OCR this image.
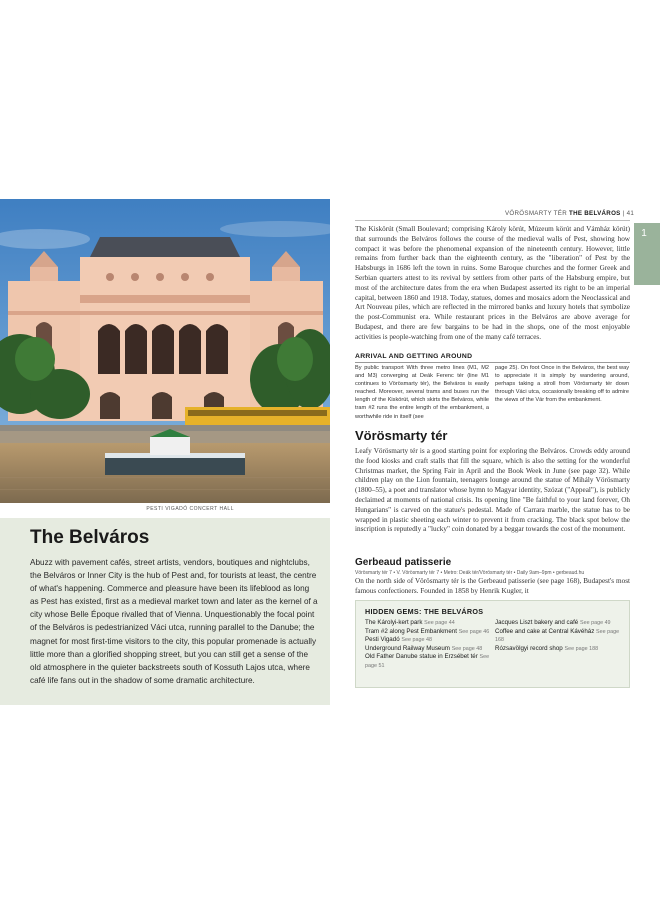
PESTI VIGADÓ CONCERT HALL
The Belváros

Abuzz with pavement cafés, street artists, vendors, boutiques and nightclubs, the Belváros or Inner City is the hub of Pest and, for tourists at least, the centre of what's happening. Commerce and pleasure have been its lifeblood as long as Pest has existed, first as a medieval market town and later as the kernel of a city whose Belle Époque rivalled that of Vienna. Unquestionably the focal point of the Belváros is pedestrianized Váci utca, running parallel to the Danube; the magnet for most first-time visitors to the city, this popular promenade is actually little more than a glorified shopping street, but you can still get a sense of the old atmosphere in the quieter backstreets south of Kossuth Lajos utca, where café life fans out in the shadow of some dramatic architecture.

VÖRÖSMARTY TÉR THE BELVÁROS | 41
1

The Kiskörút (Small Boulevard; comprising Károly körút, Múzeum körút and Vámház körút) that surrounds the Belváros follows the course of the medieval walls of Pest, showing how compact it was before the phenomenal expansion of the nineteenth century. However, little remains from further back than the eighteenth century, as the "liberation" of Pest by the Habsburgs in 1686 left the town in ruins. Some Baroque churches and the former Greek and Serbian quarters attest to its revival by settlers from other parts of the Habsburg empire, but most of the architecture dates from the era when Budapest asserted its right to be an imperial capital, between 1860 and 1918. Today, statues, domes and mosaics adorn the Neoclassical and Art Nouveau piles, which are reflected in the mirrored banks and luxury hotels that symbolize the post-Communist era. While restaurant prices in the Belváros are above average for Budapest, and there are few bargains to be had in the shops, one of the most enjoyable activities is people-watching from one of the many café terraces.

ARRIVAL AND GETTING AROUND

By public transport With three metro lines (M1, M2 and M3) converging at Deák Ferenc tér (line M1 continues to Vörösmarty tér), the Belváros is easily reached. Moreover, several trams and buses run the length of the Kiskörút, which skirts the Belváros, while tram #2 runs the entire length of the embankment, a worthwhile ride in itself (see

page 25). On foot Once in the Belváros, the best way to appreciate it is simply by wandering around, perhaps taking a stroll from Vörösmarty tér down through Váci utca, occasionally breaking off to admire the views of the Vár from the embankment.

Vörösmarty tér

Leafy Vörösmarty tér is a good starting point for exploring the Belváros. Crowds eddy around the food kiosks and craft stalls that fill the square, which is also the setting for the wonderful Christmas market, the Spring Fair in April and the Book Week in June (see page 32). While children play on the Lion fountain, teenagers lounge around the statue of Mihály Vörösmarty (1800–55), a poet and translator whose hymn to Magyar identity, Szózat ("Appeal"), is publicly declaimed at moments of national crisis. Its opening line "Be faithful to your land forever, Oh Hungarians" is carved on the statue's pedestal. Made of Carrara marble, the statue has to be wrapped in plastic sheeting each winter to prevent it from cracking. The black spot below the inscription is reputedly a "lucky" coin donated by a beggar towards the cost of the monument.

Gerbeaud patisserie
Vörösmarty tér 7 • V. Vörösmarty tér 7 • Metro: Deák tér/Vörösmarty tér • Daily 9am–9pm • gerbeaud.hu

On the north side of Vörösmarty tér is the Gerbeaud patisserie (see page 168), Budapest's most famous confectioners. Founded in 1858 by Henrik Kugler, it

HIDDEN GEMS: THE BELVÁROS
The Károlyi-kert park See page 44
Tram #2 along Pest Embankment See page 46
Pesti Vigadó See page 48
Underground Railway Museum See page 48
Old Father Danube statue in Erzsébet tér See page 51
Jacques Liszt bakery and café See page 49
Coffee and cake at Central Kávéház See page 168
Rózsavölgyi record shop See page 188
